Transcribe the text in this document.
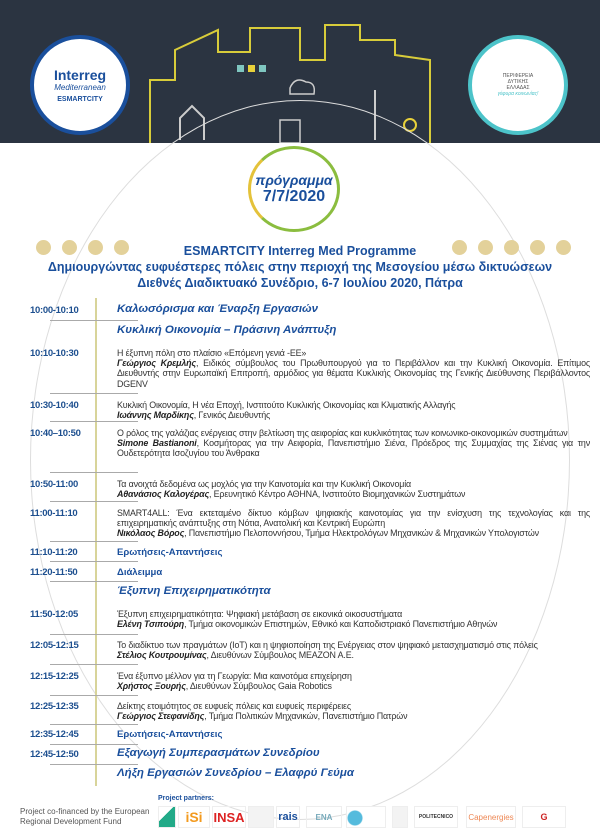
Interreg
Mediterranean
ESMARTCITY
ΠΕΡΙΦΕΡΕΙΑ
ΔΥΤΙΚΗΣ
ΕΛΛΑΔΑΣ
γέφυρα κοινωνίας!
πρόγραμμα
7/7/2020
ESMARTCITY Interreg Med Programme
Δημιουργώντας ευφυέστερες πόλεις στην περιοχή της Μεσογείου μέσω δικτυώσεων
Διεθνές Διαδικτυακό Συνέδριο, 6-7 Ιουλίου 2020, Πάτρα
10:00-10:10	Καλωσόρισμα και Έναρξη Εργασιών
Κυκλική Οικονομία – Πράσινη Ανάπτυξη
10:10-10:30	Η έξυπνη πόλη στο πλαίσιο «Επόμενη γενιά -ΕΕ»
Γεώργιος Κρεμλής, Ειδικός σύμβουλος του Πρωθυπουργού για το Περιβάλλον και την Κυκλική Οικονομία. Επίτιμος Διευθυντής στην Ευρωπαϊκή Επιτροπή, αρμόδιος για θέματα Κυκλικής Οικονομίας της Γενικής Διεύθυνσης Περιβάλλοντος DGENV
10:30-10:40	Κυκλική Οικονομία, Η νέα Εποχή, Ινστιτούτο Κυκλικής Οικονομίας και Κλιματικής Αλλαγής
Ιωάννης Μαρδίκης, Γενικός Διευθυντής
10:40–10:50	Ο ρόλος της γαλάζιας ενέργειας στην βελτίωση της αειφορίας και κυκλικότητας των κοινωνικο-οικονομικών συστημάτων
Simone Bastianoni, Κοσμήτορας για την Αειφορία, Πανεπιστήμιο Σιένα, Πρόεδρος της Συμμαχίας της Σιένας για την Ουδετερότητα Ισοζυγίου του Άνθρακα
10:50-11:00	Τα ανοιχτά δεδομένα ως μοχλός για την Καινοτομία και την Κυκλική Οικονομία
Αθανάσιος Καλογέρας, Ερευνητικό Κέντρο ΑΘΗΝΑ, Ινστιτούτο Βιομηχανικών Συστημάτων
11:00-11:10	SMART4ALL: Ένα εκτεταμένο δίκτυο κόμβων ψηφιακής καινοτομίας για την ενίσχυση της τεχνολογίας και της επιχειρηματικής ανάπτυξης στη Νότια, Ανατολική και Κεντρική Ευρώπη
Νικόλαος Βόρος, Πανεπιστήμιο Πελοποννήσου, Τμήμα Ηλεκτρολόγων Μηχανικών & Μηχανικών Υπολογιστών
11:10-11:20	Ερωτήσεις-Απαντήσεις
11:20-11:50	Διάλειμμα
Έξυπνη Επιχειρηματικότητα
11:50-12:05	Έξυπνη επιχειρηματικότητα: Ψηφιακή μετάβαση σε εικονικά οικοσυστήματα
Ελένη Τσιπούρη, Τμήμα οικονομικών Επιστημών, Εθνικό και Καποδιστριακό Πανεπιστήμιο Αθηνών
12:05-12:15	Το διαδίκτυο των πραγμάτων (IoT) και η ψηφιοποίηση της Ενέργειας στον ψηφιακό μετασχηματισμό στις πόλεις
Στέλιος Κουτρουμίνας, Διευθύνων Σύμβουλος MEAZON A.E.
12:15-12:25	Ένα έξυπνο μέλλον για τη Γεωργία: Μια καινοτόμα επιχείρηση
Χρήστος Ξουρής, Διευθύνων Σύμβουλος Gaia Robotics
12:25-12:35	Δείκτης ετοιμότητος σε ευφυείς πόλεις και ευφυείς περιφέρειες
Γεώργιος Στεφανίδης, Τμήμα Πολιτικών Μηχανικών, Πανεπιστήμιο Πατρών
12:35-12:45	Ερωτήσεις-Απαντήσεις
12:45-12:50	Εξαγωγή Συμπερασμάτων Συνεδρίου
Λήξη Εργασιών Συνεδρίου – Ελαφρύ Γεύμα
Project co-financed by the European Regional Development Fund
Project partners:
iSi INSA	rais	ENA	POLITECNICO	Capenergies	G
